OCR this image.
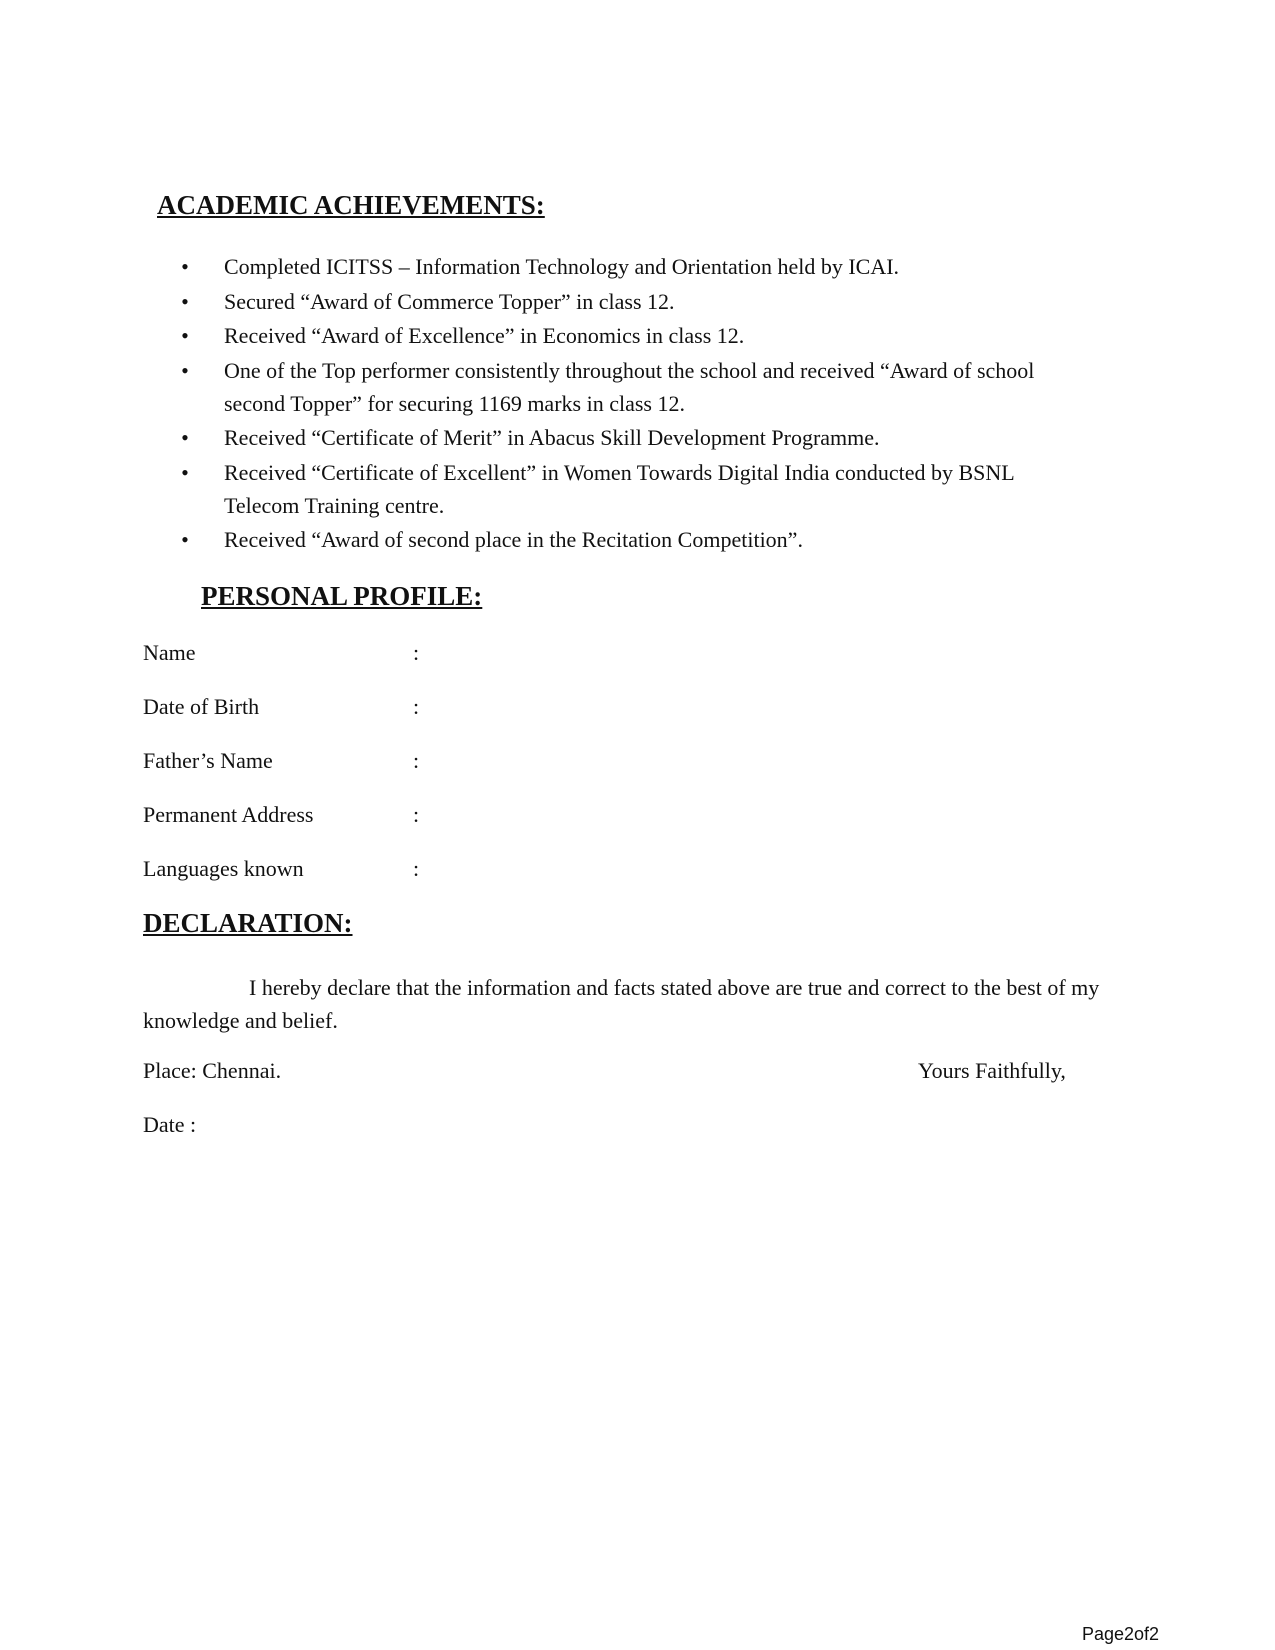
ACADEMIC ACHIEVEMENTS:
• Completed ICITSS – Information Technology and Orientation held by ICAI.
• Secured “Award of Commerce Topper” in class 12.
• Received “Award of Excellence” in Economics in class 12.
• One of the Top performer consistently throughout the school and received “Award of school second Topper” for securing 1169 marks in class 12.
• Received “Certificate of Merit” in Abacus Skill Development Programme.
• Received “Certificate of Excellent” in Women Towards Digital India conducted by BSNL Telecom Training centre.
• Received “Award of second place in the Recitation Competition”.
PERSONAL PROFILE:
Name	:
Date of Birth	:
Father’s Name	:
Permanent Address	:
Languages known	:
DECLARATION:

I hereby declare that the information and facts stated above are true and correct to the best of my knowledge and belief.

Place: Chennai.	Yours Faithfully,
Date :
Page2of2
